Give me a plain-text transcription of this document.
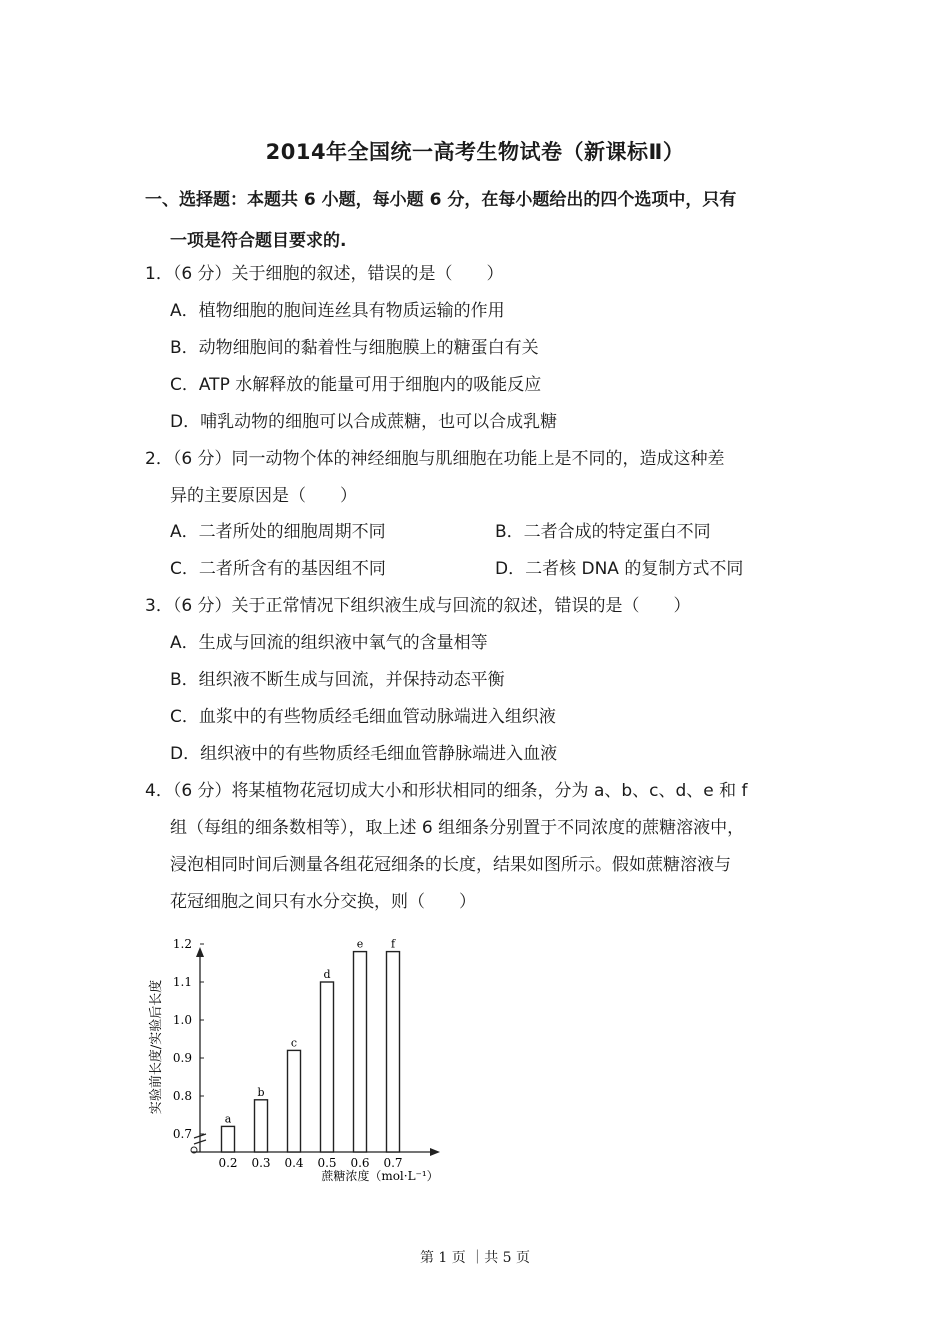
2014年全国统一高考生物试卷（新课标Ⅱ）
一、选择题：本题共 6 小题，每小题 6 分，在每小题给出的四个选项中，只有
一项是符合题目要求的.
1．（6 分）关于细胞的叙述，错误的是（　　）
A．植物细胞的胞间连丝具有物质运输的作用
B．动物细胞间的黏着性与细胞膜上的糖蛋白有关
C．ATP 水解释放的能量可用于细胞内的吸能反应
D．哺乳动物的细胞可以合成蔗糖，也可以合成乳糖
2．（6 分）同一动物个体的神经细胞与肌细胞在功能上是不同的，造成这种差
异的主要原因是（　　）
A．二者所处的细胞周期不同	B．二者合成的特定蛋白不同
C．二者所含有的基因组不同	D．二者核 DNA 的复制方式不同
3．（6 分）关于正常情况下组织液生成与回流的叙述，错误的是（　　）
A．生成与回流的组织液中氧气的含量相等
B．组织液不断生成与回流，并保持动态平衡
C．血浆中的有些物质经毛细血管动脉端进入组织液
D．组织液中的有些物质经毛细血管静脉端进入血液
4．（6 分）将某植物花冠切成大小和形状相同的细条，分为 a、b、c、d、e 和 f
组（每组的细条数相等），取上述 6 组细条分别置于不同浓度的蔗糖溶液中，
浸泡相同时间后测量各组花冠细条的长度，结果如图所示。假如蔗糖溶液与
花冠细胞之间只有水分交换，则（　　）
0.7
0.8
0.9
1.0
1.1
1.2
0.2 0.3 0.4 0.5 0.6 0.7
a
b
c
d
e	f
实验前长度/实验后长度
蔗糖浓度（mol·L⁻¹）
第 1 页 ｜共 5 页
